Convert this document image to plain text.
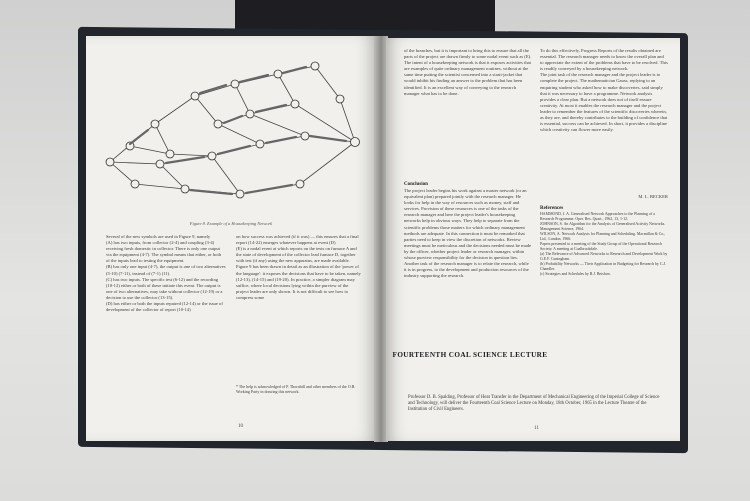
Figure 8. Example of a Housekeeping Network
Several of the new symbols are used in Figure 9, namely
(A) has two inputs, from collector (2-4) and coupling (3-4) receiving fresh domestic in collector. There is only one output via the equipment (4-7). The symbol means that either, or both of the inputs lead to testing the equipment.
(B) has only one input (4-7), the output is one of two alternatives (5-10) (7-11), instead of (7-1) (11).
(C) has two inputs. The specific test (6-12) and the recording (10-12) either or both of these initiate this event. The output is one of two alternatives, may take without collector (12-19) or a decision to use the collector (13-15).
(D) has either or both the inputs repaired (12-14) or the issue of development of the collector of report (10-14)
on how success was achieved (if it was) — this ensures that a final report (14-22) emerges whatever happens at event (D)
(E) is a nodal event at which reports on the tests on furnace A and the state of development of the collector lead furnace D, together with test (if any) using the new apparatus, are made available.
Figure 9 has been drawn in detail as an illustration of the 'power of the language': it exposes the decisions that have to be taken, namely (12-13), (14-15) and (19-20). In practice, a simpler diagram may suffice, where local decisions lying within the purview of the project leader are only shown. It is not difficult to see how to compress some
* The help is acknowledged of P. Thornhill and other members of the O.R. Working Party in drawing this network.
10
of the branches, but it is important to bring this to ensure that all the parts of the project are drawn firmly to some nodal event such as (E).
The intent of a housekeeping network is that it exposes activities that are examples of quite ordinary management routines, without at the same time putting the scientist concerned into a strait-jacket that would inhibit his finding an answer to the problem that has been identified. It is an excellent way of conveying to the research manager what has to be done.
Conclusion
The project leader begins his work against a master network (or an equivalent plan) prepared jointly with the research manager. He looks for help in the way of resources such as money, staff and services. Provision of these resources is one of the tasks of the research manager and here the project leader's housekeeping networks help in obvious ways. They help to separate from the scientific problems those matters for which ordinary management methods are adequate. In this connection it must be remarked that parties need to keep in view the discretion of networks. Review meetings must be meticulous and the decisions needed must be made by the officer, whether project leader or research manager, within whose purview responsibility for the decision in question lies.
Another task of the research manager is to relate the research, while it is in progress, to the development and production resources of the industry supporting the research.
To do this effectively, Progress Reports of the results obtained are essential. The research manager needs to know the overall plan and to appreciate the extent of the problems that have to be resolved. This is readily conveyed by a housekeeping network.
The joint task of the research manager and the project leader is to complete the project. The mathematician Gauss, replying to an enquiring student who asked how to make discoveries, said simply that it was necessary to have a programme. Network analysis provides a clear plan. But a network does not of itself ensure creativity. At most it enables the research manager and the project leader to remember the features of the scientific discoveries wherein, as they are, and thereby contributes to the building of confidence that is essential, success can be achieved. In short, it provides a discipline which creativity can flower more easily.
M. L. BECKER
References
HAMMOND, J. A. Generalised Network Approaches to the Planning of a Research Programme. Oper. Res. Quart., 1962, 13, 1-12.
JOHNSON, S. An Algorithm for the Analysis of Generalised Activity Networks. Management Science, 1964.
WILSON, A. Network Analysis for Planning and Scheduling. Macmillan & Co., Ltd., London, 1966.
Papers presented to a meeting of the Study Group of the Operational Research Society. A meeting at Coalbrookdale.
(a) The Relevance of Advanced Networks to Research and Development Work by G.E.F. Cuningham.
(b) Probability Networks — Their Application in Budgeting for Research by C.J. Chandler.
(c) Strategies and Schedules by R.J. Beishon.
Professor D. B. Spalding, Professor of Heat Transfer in the Department of Mechanical Engineering of the Imperial College of Science and Technology, will deliver the Fourteenth Coal Science Lecture on Monday, 18th October, 1965 in the Lecture Theatre of the Institution of Civil Engineers.
11
FOURTEENTH COAL SCIENCE LECTURE
